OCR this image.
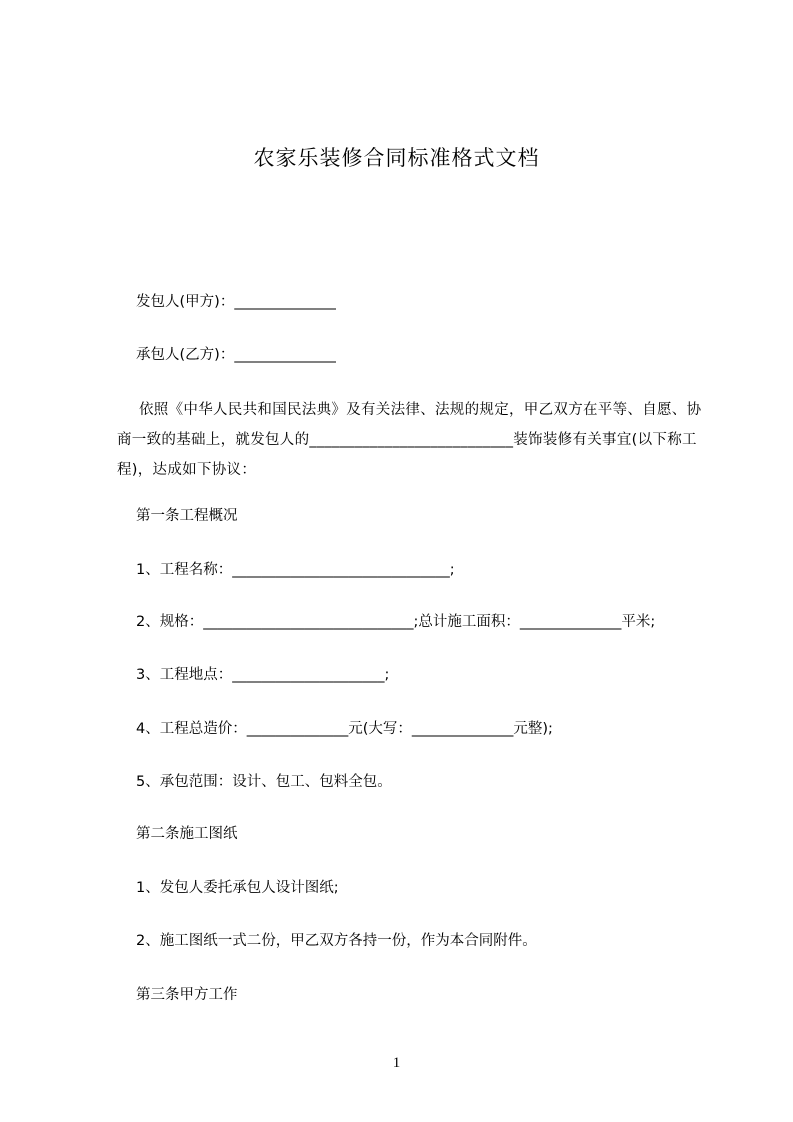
农家乐装修合同标准格式文档
发包人(甲方)：______________
承包人(乙方)：______________
依照《中华人民共和国民法典》及有关法律、法规的规定，甲乙双方在平等、自愿、协商一致的基础上，就发包人的___________________________装饰装修有关事宜(以下称工程)，达成如下协议：
第一条工程概况
1、工程名称：______________________________;
2、规格：_____________________________;总计施工面积：______________平米;
3、工程地点：_____________________;
4、工程总造价：______________元(大写：______________元整);
5、承包范围：设计、包工、包料全包。
第二条施工图纸
1、发包人委托承包人设计图纸;
2、施工图纸一式二份，甲乙双方各持一份，作为本合同附件。
第三条甲方工作
1
